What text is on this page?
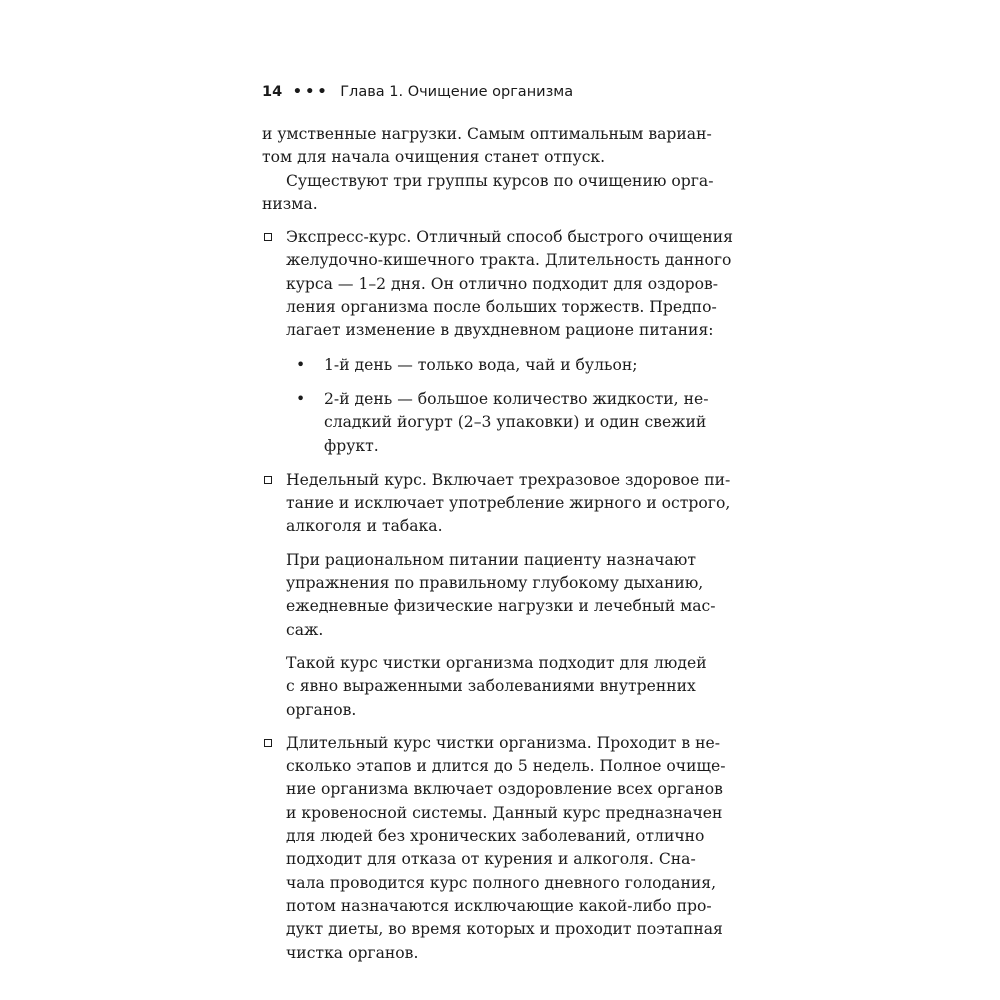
14 ••• Глава 1. Очищение организма
и умственные нагрузки. Самым оптимальным вариан-
том для начала очищения станет отпуск.
Существуют три группы курсов по очищению орга-
низма.
Экспресс-курс. Отличный способ быстрого очищения
желудочно-кишечного тракта. Длительность данного
курса — 1–2 дня. Он отлично подходит для оздоров-
ления организма после больших торжеств. Предпо-
лагает изменение в двухдневном рационе питания:
• 1-й день — только вода, чай и бульон;
• 2-й день — большое количество жидкости, не-
сладкий йогурт (2–3 упаковки) и один свежий
фрукт.
Недельный курс. Включает трехразовое здоровое пи-
тание и исключает употребление жирного и острого,
алкоголя и табака.
При рациональном питании пациенту назначают
упражнения по правильному глубокому дыханию,
ежедневные физические нагрузки и лечебный мас-
саж.
Такой курс чистки организма подходит для людей
с явно выраженными заболеваниями внутренних
органов.
Длительный курс чистки организма. Проходит в не-
сколько этапов и длится до 5 недель. Полное очище-
ние организма включает оздоровление всех органов
и кровеносной системы. Данный курс предназначен
для людей без хронических заболеваний, отлично
подходит для отказа от курения и алкоголя. Сна-
чала проводится курс полного дневного голодания,
потом назначаются исключающие какой-либо про-
дукт диеты, во время которых и проходит поэтапная
чистка органов.
